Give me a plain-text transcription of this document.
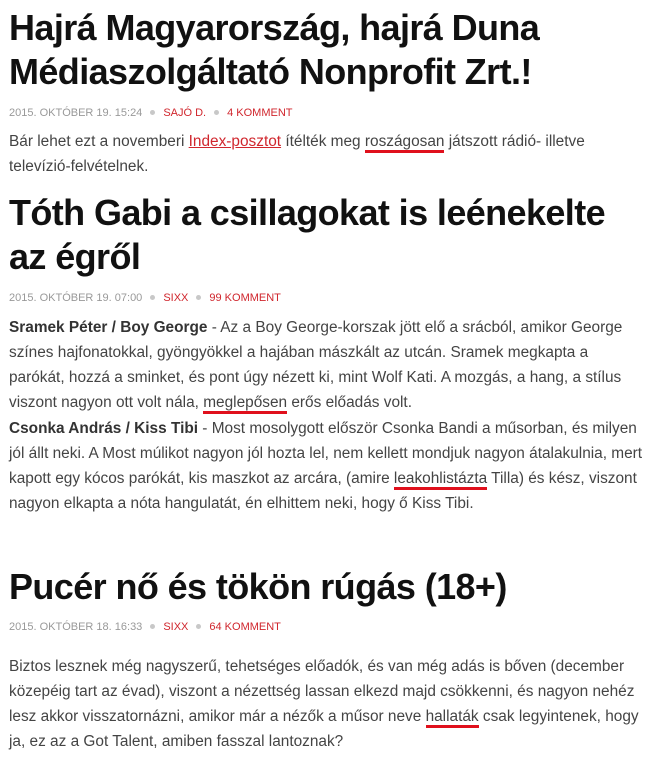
Hajrá Magyarország, hajrá Duna Médiaszolgáltató Nonprofit Zrt.!
2015. OKTÓBER 19. 15:24 SAJÓ D. 4 KOMMENT

Bár lehet ezt a novemberi Index-posztot ítélték meg roszágosan játszott rádió- illetve televízió-felvételnek.

Tóth Gabi a csillagokat is leénekelte az égről
2015. OKTÓBER 19. 07:00 SIXX 99 KOMMENT

Sramek Péter / Boy George - Az a Boy George-korszak jött elő a srácból, amikor George színes hajfonatokkal, gyöngyökkel a hajában mászkált az utcán. Sramek megkapta a parókát, hozzá a sminket, és pont úgy nézett ki, mint Wolf Kati. A mozgás, a hang, a stílus viszont nagyon ott volt nála, meglepősen erős előadás volt.

Csonka András / Kiss Tibi - Most mosolygott először Csonka Bandi a műsorban, és milyen jól állt neki. A Most múlikot nagyon jól hozta lel, nem kellett mondjuk nagyon átalakulnia, mert kapott egy kócos parókát, kis maszkot az arcára, (amire leakohlistázta Tilla) és kész, viszont nagyon elkapta a nóta hangulatát, én elhittem neki, hogy ő Kiss Tibi.

Pucér nő és tökön rúgás (18+)
2015. OKTÓBER 18. 16:33 SIXX 64 KOMMENT

Biztos lesznek még nagyszerű, tehetséges előadók, és van még adás is bőven (december közepéig tart az évad), viszont a nézettség lassan elkezd majd csökkenni, és nagyon nehéz lesz akkor visszatornázni, amikor már a nézők a műsor neve hallaták csak legyintenek, hogy ja, ez az a Got Talent, amiben fasszal lantoznak?
